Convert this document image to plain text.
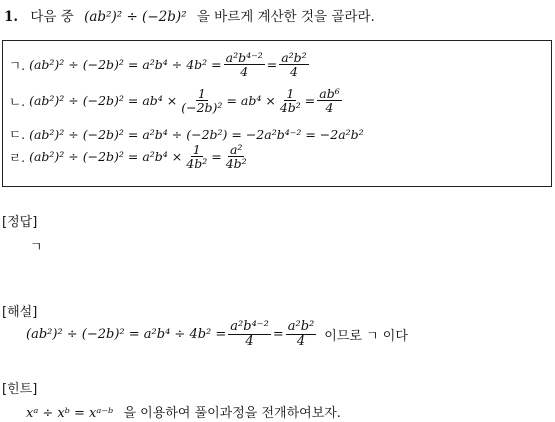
1. 다음 중 (ab²)² ÷ (−2b)² 을 바르게 계산한 것을 골라라.
ㄱ. $(ab^2)^2 \div (-2b)^2 = a^2b^4 \div 4b^2 = \frac{\text{a²b⁴⁻²}}{4} = \frac{\text{a²b²}}{4}$
ㄴ. $(ab^2)^2 \div (-2b)^2 = ab^4 \times \frac{1}{\text{(−2b)²}} = ab^4 \times \frac{1}{\text{4b²}} = \frac{\text{ab⁶}}{4}$
ㄷ. (ab²)² ÷ (−2b)² = a²b⁴ ÷ (−2b²) = −2a²b⁴⁻² = −2a²b²
ㄹ. $(ab^2)^2 \div (-2b)^2 = a^2b^4 \times \frac{1}{\text{4b²}} = \frac{\text{a²}}{\text{4b²}}$
[정답]
ㄱ
[해설]
$(ab^2)^2 \div (-2b)^2 = a^2b^4 \div 4b^2 = \frac{\text{a²b⁴⁻²}}{4} = \frac{\text{a²b²}}{4}$ 이므로 ㄱ 이다
[힌트]
xᵃ ÷ xᵇ = xᵃ⁻ᵇ 을 이용하여 풀이과정을 전개하여보자.
